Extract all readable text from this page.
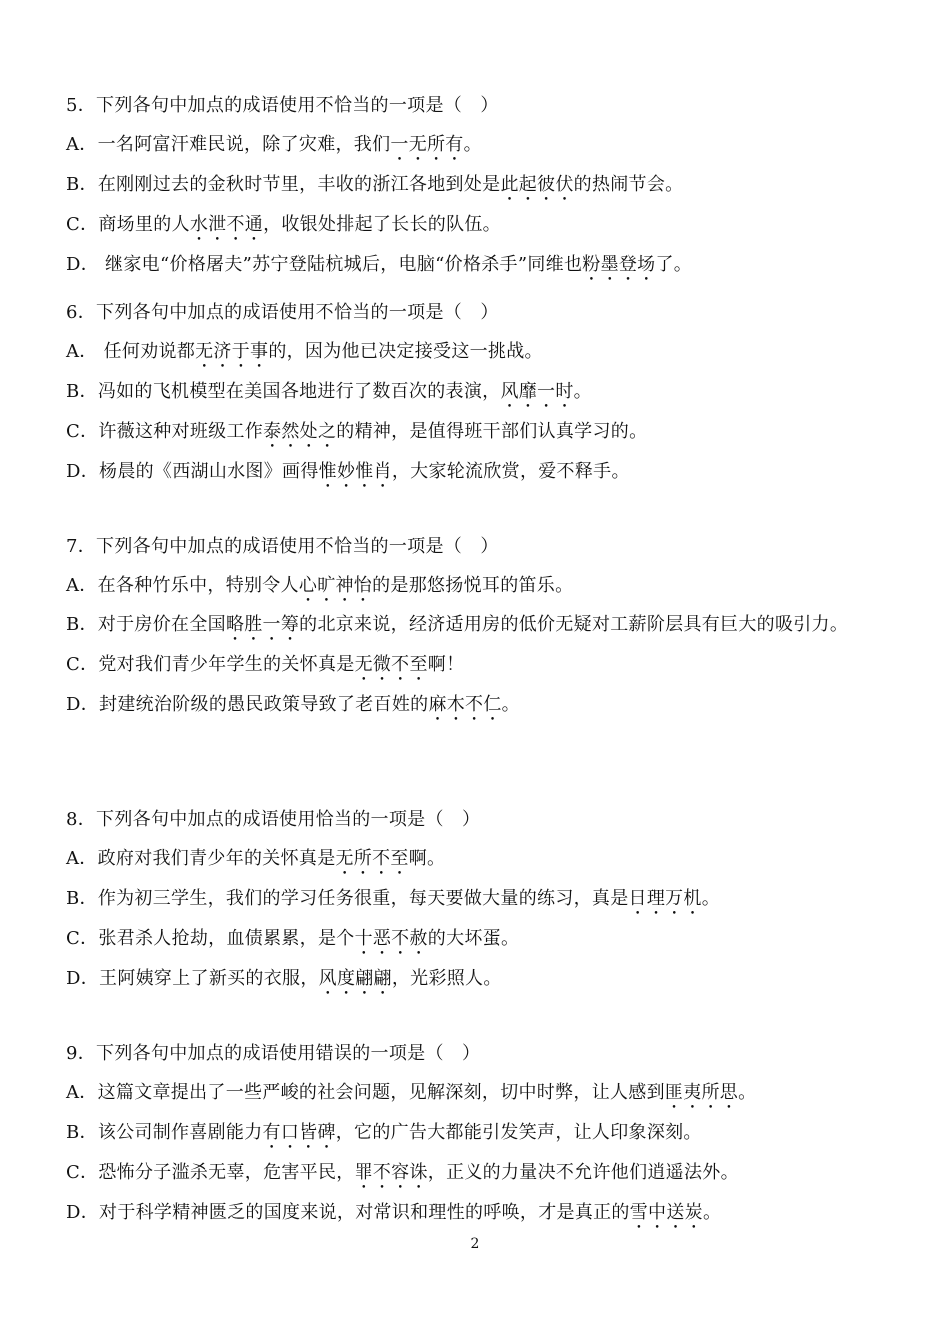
5．下列各句中加点的成语使用不恰当的一项是（　）
A．一名阿富汗难民说，除了灾难，我们一无所有。
B．在刚刚过去的金秋时节里，丰收的浙江各地到处是此起彼伏的热闹节会。
C．商场里的人水泄不通，收银处排起了长长的队伍。
D． 继家电“价格屠夫”苏宁登陆杭城后，电脑“价格杀手”同维也粉墨登场了。
6．下列各句中加点的成语使用不恰当的一项是（　）
A． 任何劝说都无济于事的，因为他已决定接受这一挑战。
B．冯如的飞机模型在美国各地进行了数百次的表演，风靡一时。
C．许薇这种对班级工作泰然处之的精神，是值得班干部们认真学习的。
D．杨晨的《西湖山水图》画得惟妙惟肖，大家轮流欣赏，爱不释手。
7．下列各句中加点的成语使用不恰当的一项是（　）
A．在各种竹乐中，特别令人心旷神怡的是那悠扬悦耳的笛乐。
B．对于房价在全国略胜一筹的北京来说，经济适用房的低价无疑对工薪阶层具有巨大的吸引力。
C．党对我们青少年学生的关怀真是无微不至啊！
D．封建统治阶级的愚民政策导致了老百姓的麻木不仁。
8．下列各句中加点的成语使用恰当的一项是（　）
A．政府对我们青少年的关怀真是无所不至啊。
B．作为初三学生，我们的学习任务很重，每天要做大量的练习，真是日理万机。
C．张君杀人抢劫，血债累累，是个十恶不赦的大坏蛋。
D．王阿姨穿上了新买的衣服，风度翩翩，光彩照人。
9．下列各句中加点的成语使用错误的一项是（　）
A．这篇文章提出了一些严峻的社会问题，见解深刻，切中时弊，让人感到匪夷所思。
B．该公司制作喜剧能力有口皆碑，它的广告大都能引发笑声，让人印象深刻。
C．恐怖分子滥杀无辜，危害平民，罪不容诛，正义的力量决不允许他们逍遥法外。
D．对于科学精神匮乏的国度来说，对常识和理性的呼唤，才是真正的雪中送炭。
2
